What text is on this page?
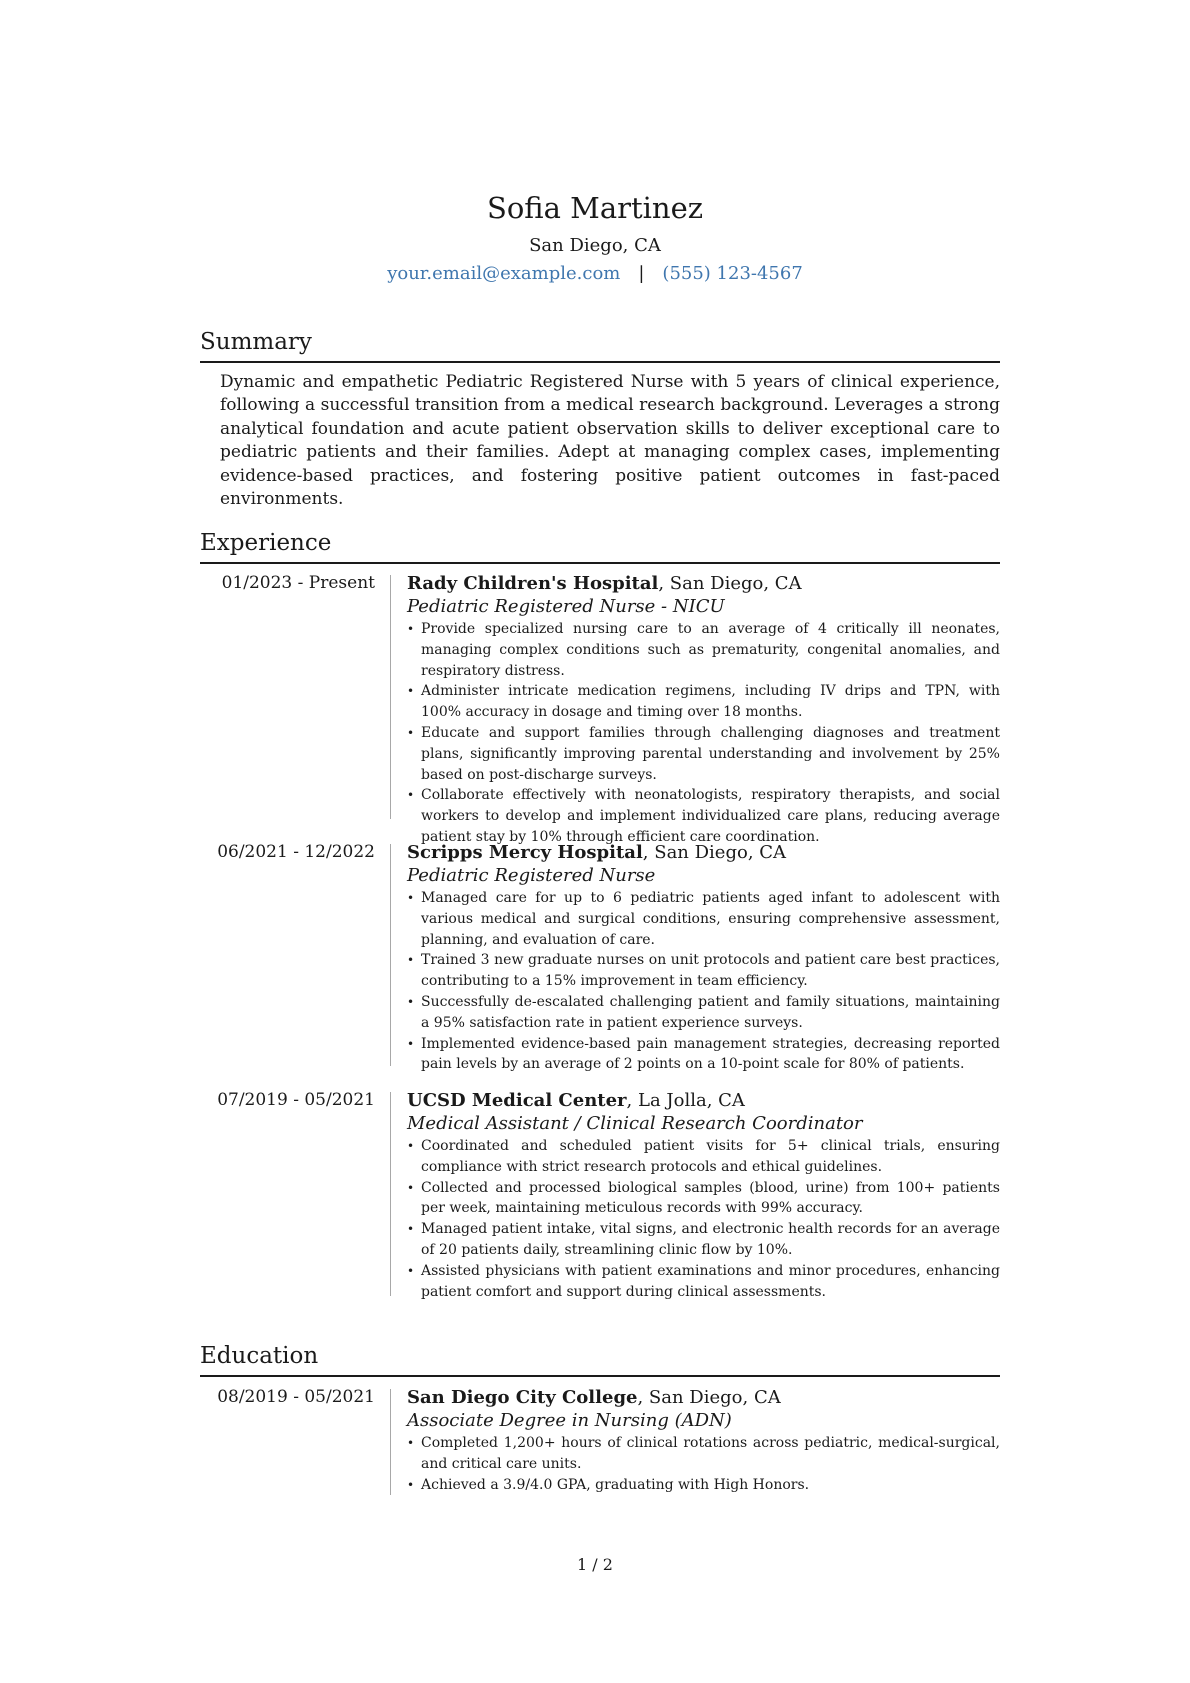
Sofia Martinez

San Diego, CA

your.email@example.com | (555) 123-4567

Summary

Dynamic and empathetic Pediatric Registered Nurse with 5 years of clinical experience, following a successful transition from a medical research background. Leverages a strong analytical foundation and acute patient observation skills to deliver exceptional care to pediatric patients and their families. Adept at managing complex cases, implementing evidence-based practices, and fostering positive patient outcomes in fast-paced environments.

Experience
01/2023 - Present Rady Children's Hospital, San Diego, CA

Pediatric Registered Nurse - NICU

• Provide specialized nursing care to an average of 4 critically ill neonates, managing complex conditions such as prematurity, congenital anomalies, and respiratory distress.
• Administer intricate medication regimens, including IV drips and TPN, with 100% accuracy in dosage and timing over 18 months.
• Educate and support families through challenging diagnoses and treatment plans, significantly improving parental understanding and involvement by 25% based on post-discharge surveys.
• Collaborate effectively with neonatologists, respiratory therapists, and social workers to develop and implement individualized care plans, reducing average patient stay by 10% through efficient care coordination.
06/2021 - 12/2022 Scripps Mercy Hospital, San Diego, CA

Pediatric Registered Nurse

• Managed care for up to 6 pediatric patients aged infant to adolescent with various medical and surgical conditions, ensuring comprehensive assessment, planning, and evaluation of care.
• Trained 3 new graduate nurses on unit protocols and patient care best practices, contributing to a 15% improvement in team efficiency.
• Successfully de-escalated challenging patient and family situations, maintaining a 95% satisfaction rate in patient experience surveys.
• Implemented evidence-based pain management strategies, decreasing reported pain levels by an average of 2 points on a 10-point scale for 80% of patients.
07/2019 - 05/2021 UCSD Medical Center, La Jolla, CA

Medical Assistant / Clinical Research Coordinator

• Coordinated and scheduled patient visits for 5+ clinical trials, ensuring compliance with strict research protocols and ethical guidelines.
• Collected and processed biological samples (blood, urine) from 100+ patients per week, maintaining meticulous records with 99% accuracy.
• Managed patient intake, vital signs, and electronic health records for an average of 20 patients daily, streamlining clinic flow by 10%.
• Assisted physicians with patient examinations and minor procedures, enhancing patient comfort and support during clinical assessments.
Education
08/2019 - 05/2021 San Diego City College, San Diego, CA

Associate Degree in Nursing (ADN)

• Completed 1,200+ hours of clinical rotations across pediatric, medical-surgical, and critical care units.
• Achieved a 3.9/4.0 GPA, graduating with High Honors.

1 / 2
